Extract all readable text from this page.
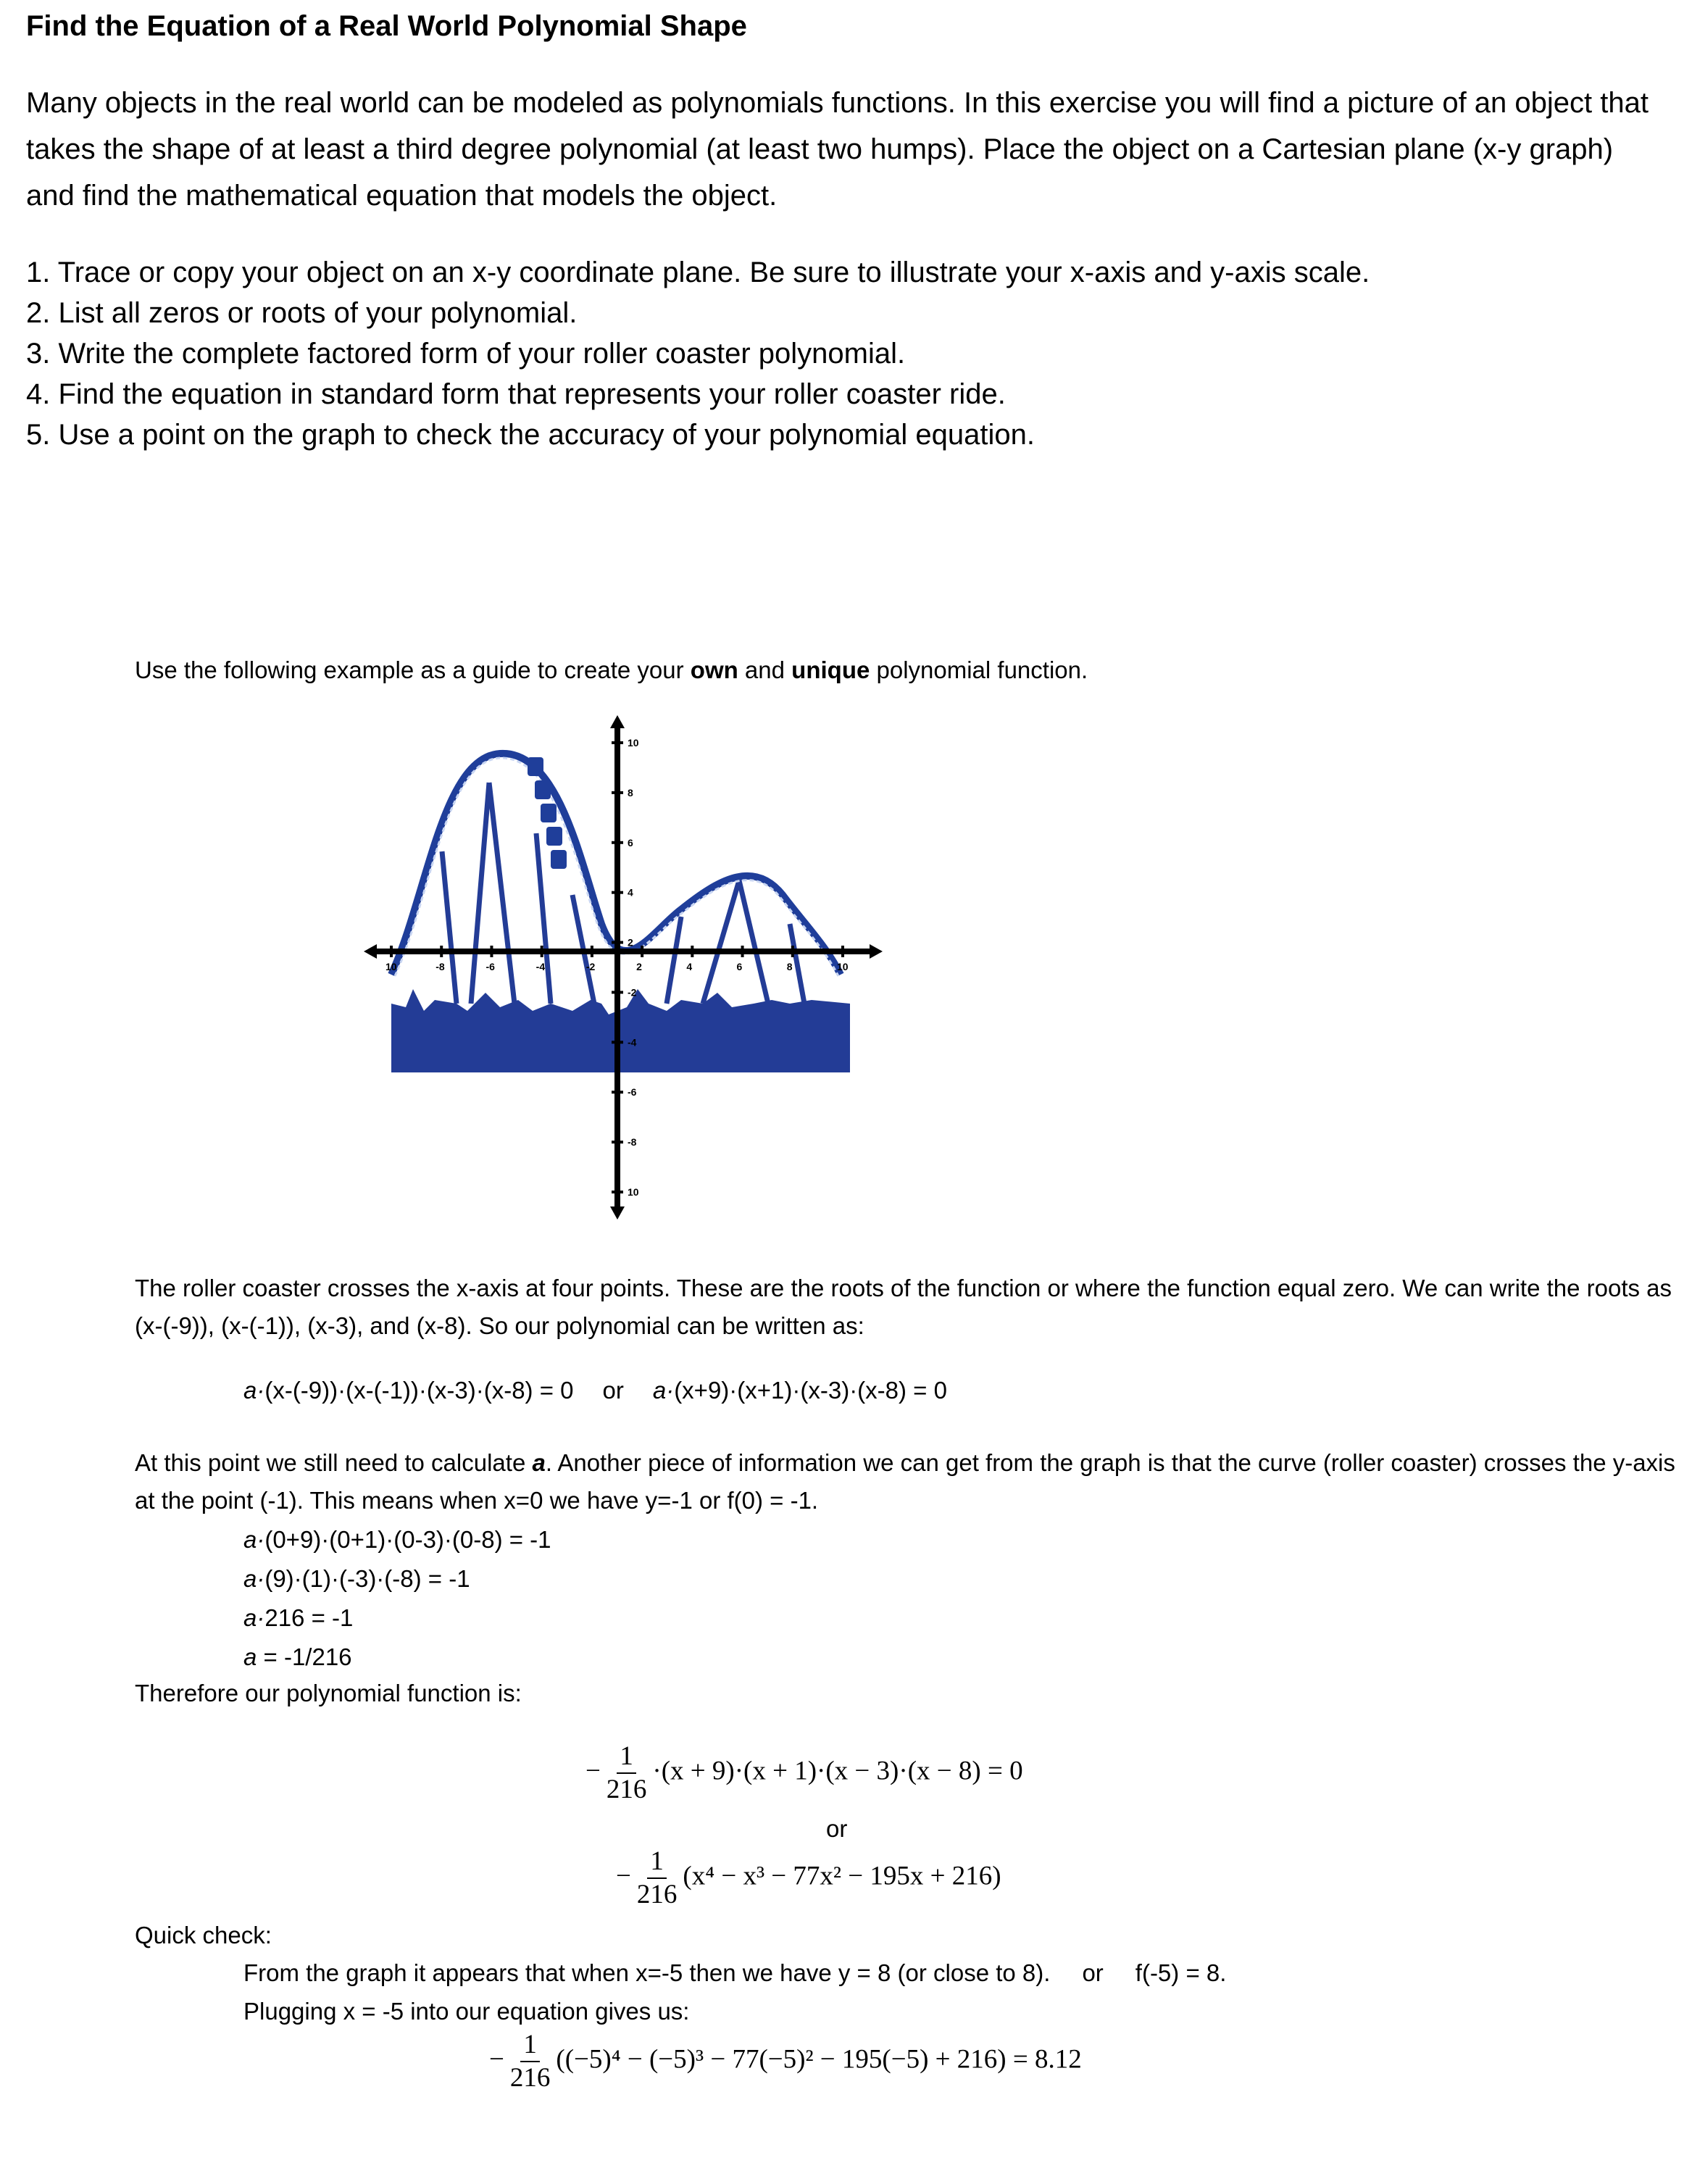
Find the Equation of a Real World Polynomial Shape
Many objects in the real world can be modeled as polynomials functions. In this exercise you will find a picture of an object that takes the shape of at least a third degree polynomial (at least two humps). Place the object on a Cartesian plane (x-y graph) and find the mathematical equation that models the object.
1. Trace or copy your object on an x-y coordinate plane. Be sure to illustrate your x-axis and y-axis scale.
2. List all zeros or roots of your polynomial.
3. Write the complete factored form of your roller coaster polynomial.
4. Find the equation in standard form that represents your roller coaster ride.
5. Use a point on the graph to check the accuracy of your polynomial equation.
Use the following example as a guide to create your own and unique polynomial function.
10	-8	-6	-4	-2	2	4	6	8	10
10
8
6
4
2
-2
-4
-6
-8
10
The roller coaster crosses the x-axis at four points. These are the roots of the function or where the function equal zero. We can write the roots as (x-(-9)), (x-(-1)), (x-3), and (x-8). So our polynomial can be written as:
a·(x-(-9))·(x-(-1))·(x-3)·(x-8) = 0 or a·(x+9)·(x+1)·(x-3)·(x-8) = 0
At this point we still need to calculate a. Another piece of information we can get from the graph is that the curve (roller coaster) crosses the y-axis at the point (-1). This means when x=0 we have y=-1 or f(0) = -1.
a·(0+9)·(0+1)·(0-3)·(0-8) = -1
a·(9)·(1)·(-3)·(-8) = -1
a·216 = -1
a = -1/216
Therefore our polynomial function is:
− $\frac{1}{216} \cdot(x + 9)\cdot(x + 1)\cdot(x - 3)\cdot(x - 8) = 0$
or
− $\frac{1}{216} (x^4 - x^3 - 77x^2 - 195x + 216)$
Quick check:
From the graph it appears that when x=-5 then we have y = 8 (or close to 8). or f(-5) = 8.
Plugging x = -5 into our equation gives us:
− $\frac{1}{216} ((-5)^4 - (-5)^3 - 77(-5)^2 - 195(-5) + 216) = 8.12$
